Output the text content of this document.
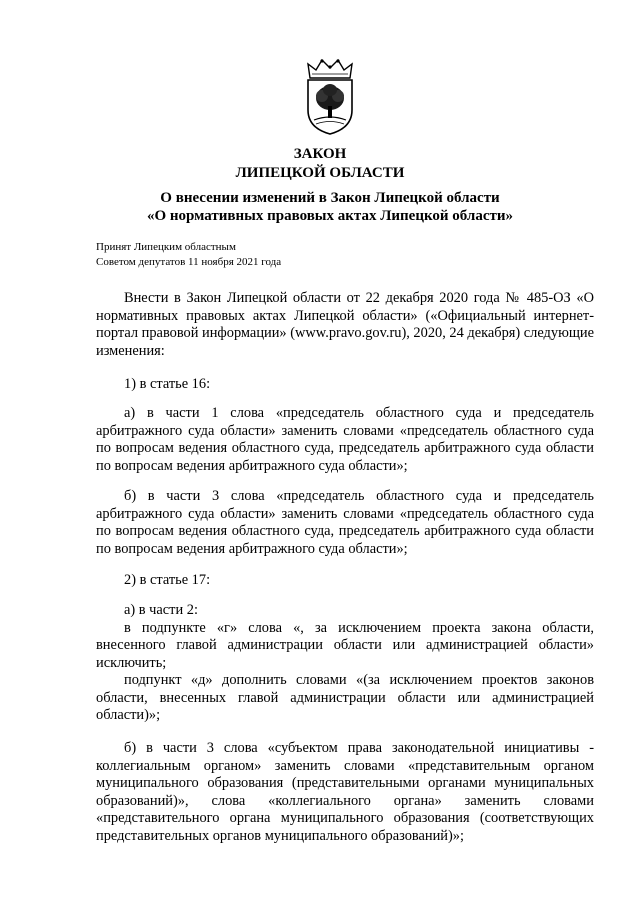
ЗАКОН
ЛИПЕЦКОЙ ОБЛАСТИ
О внесении изменений в Закон Липецкой области
«О нормативных правовых актах Липецкой области»
Принят Липецким областным
Советом депутатов 11 ноября 2021 года

Внести в Закон Липецкой области от 22 декабря 2020 года № 485-ОЗ «О нормативных правовых актах Липецкой области» («Официальный интернет-портал правовой информации» (www.pravo.gov.ru), 2020, 24 декабря) следующие изменения:

1) в статье 16:

а) в части 1 слова «председатель областного суда и председатель арбитражного суда области» заменить словами «председатель областного суда по вопросам ведения областного суда, председатель арбитражного суда области по вопросам ведения арбитражного суда области»;

б) в части 3 слова «председатель областного суда и председатель арбитражного суда области» заменить словами «председатель областного суда по вопросам ведения областного суда, председатель арбитражного суда области по вопросам ведения арбитражного суда области»;

2) в статье 17:

а) в части 2:

в подпункте «г» слова «, за исключением проекта закона области, внесенного главой администрации области или администрацией области» исключить;

подпункт «д» дополнить словами «(за исключением проектов законов области, внесенных главой администрации области или администрацией области)»;

б) в части 3 слова «субъектом права законодательной инициативы - коллегиальным органом» заменить словами «представительным органом муниципального образования (представительными органами муниципальных образований)», слова «коллегиального органа» заменить словами «представительного органа муниципального образования (соответствующих представительных органов муниципального образований)»;
